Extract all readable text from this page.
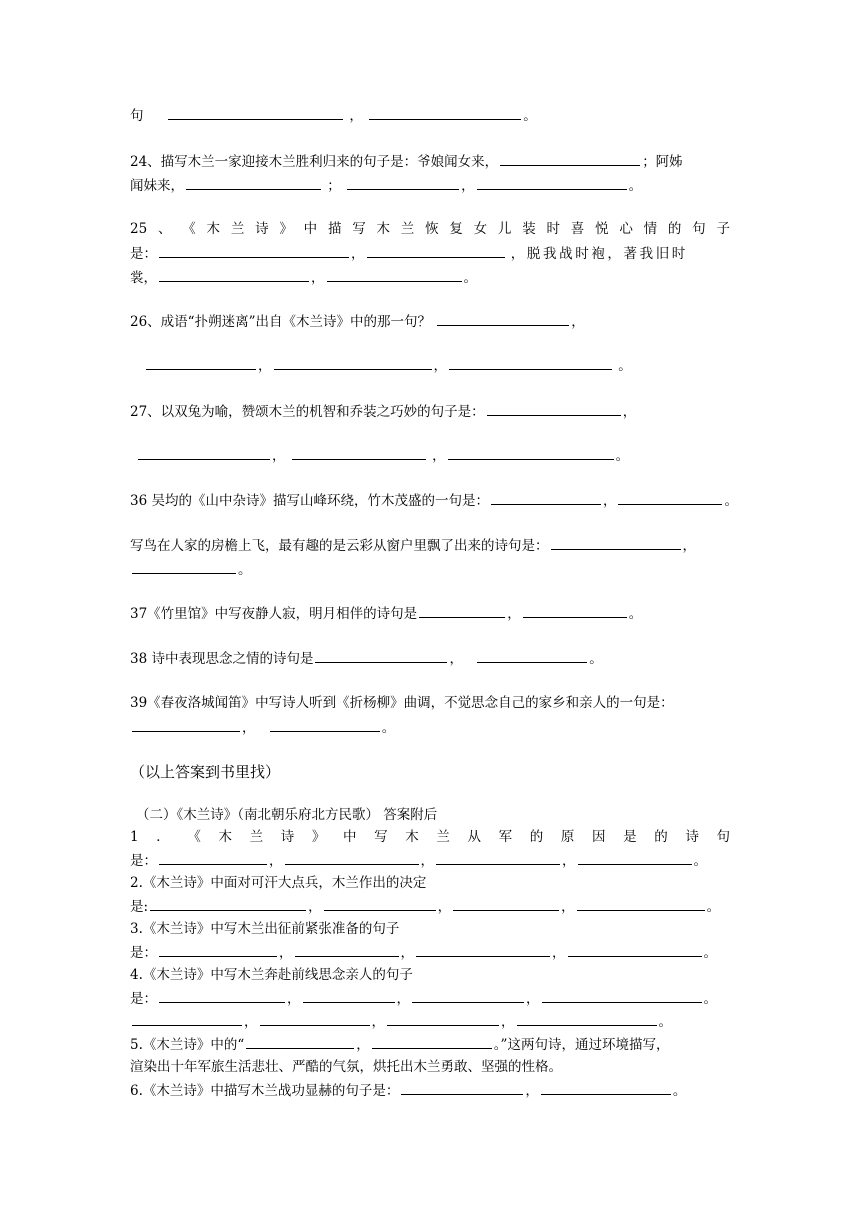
句	，	。
24、描写木兰一家迎接木兰胜利归来的句子是：爷娘闻女来，	；阿姊
闻妹来，	；	，	。
25 、 《 木 兰 诗 》 中 描 写 木 兰 恢 复 女 儿 装 时 喜 悦 心 情 的 句 子
是：	，	，脱我战时袍，著我旧时
裳，	，	。
26、成语“扑朔迷离”出自《木兰诗》中的那一句？	，
，	，	。
27、以双兔为喻，赞颂木兰的机智和乔装之巧妙的句子是：	，
，	，	。
36 吴均的《山中杂诗》描写山峰环绕，竹木茂盛的一句是：	，	。
写鸟在人家的房檐上飞，最有趣的是云彩从窗户里飘了出来的诗句是：	，
。
37《竹里馆》中写夜静人寂，明月相伴的诗句是	，	。
38 诗中表现思念之情的诗句是	，	。
39《春夜洛城闻笛》中写诗人听到《折杨柳》曲调，不觉思念自己的家乡和亲人的一句是：
，	。
（以上答案到书里找）
（二）《木兰诗》（南北朝乐府北方民歌） 答案附后
1 ． 《 木 兰 诗 》 中 写 木 兰 从 军 的 原 因 是 的 诗 句
是：	，	，	，	。
2.《木兰诗》中面对可汗大点兵，木兰作出的决定
是:	，	，	，	。
3.《木兰诗》中写木兰出征前紧张准备的句子
是：	，	，	，	。
4.《木兰诗》中写木兰奔赴前线思念亲人的句子
是：	，	，	，	。
，	，	，	。
5.《木兰诗》中的“	，	。”这两句诗，通过环境描写，
渲染出十年军旅生活悲壮、严酷的气氛，烘托出木兰勇敢、坚强的性格。
6.《木兰诗》中描写木兰战功显赫的句子是：	，	。
